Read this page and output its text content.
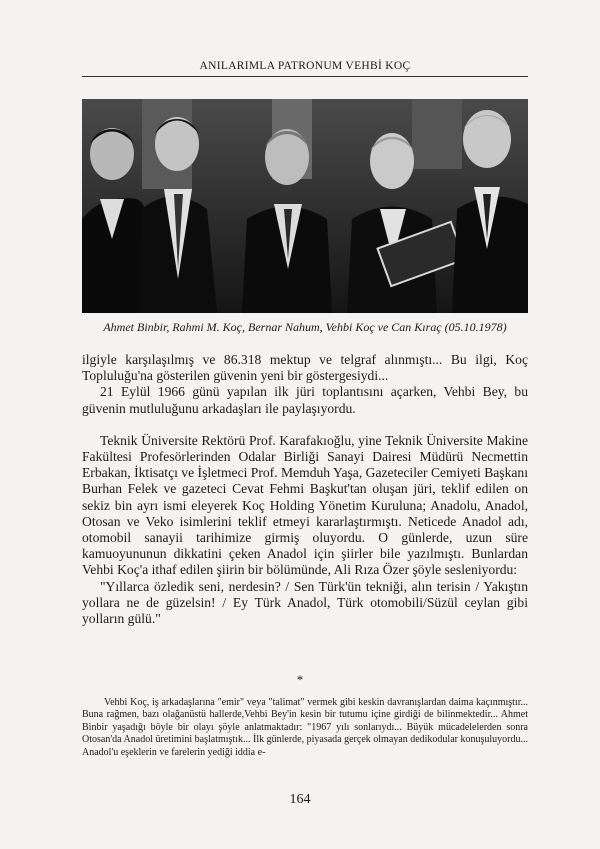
ANILARIMLA PATRONUM VEHBİ KOÇ
Ahmet Binbir, Rahmi M. Koç, Bernar Nahum, Vehbi Koç ve Can Kıraç (05.10.1978)

ilgiyle karşılaşılmış ve 86.318 mektup ve telgraf alınmıştı... Bu ilgi, Koç Topluluğu'na gösterilen güvenin yeni bir göstergesiydi...

21 Eylül 1966 günü yapılan ilk jüri toplantısını açarken, Vehbi Bey, bu güvenin mutluluğunu arkadaşları ile paylaşıyordu.

Teknik Üniversite Rektörü Prof. Karafakıoğlu, yine Teknik Üniversite Makine Fakültesi Profesörlerinden Odalar Birliği Sanayi Dairesi Müdürü Necmettin Erbakan, İktisatçı ve İşletmeci Prof. Memduh Yaşa, Gazeteciler Cemiyeti Başkanı Burhan Felek ve gazeteci Cevat Fehmi Başkut'tan oluşan jüri, teklif edilen on sekiz bin ayrı ismi eleyerek Koç Holding Yönetim Kuruluna; Anadolu, Anadol, Otosan ve Veko isimlerini teklif etmeyi kararlaştırmıştı. Neticede Anadol adı, otomobil sanayii tarihimize girmiş oluyordu. O günlerde, uzun süre kamuoyununun dikkatini çeken Anadol için şiirler bile yazılmıştı. Bunlardan Vehbi Koç'a ithaf edilen şiirin bir bölümünde, Ali Rıza Özer şöyle sesleniyordu:

"Yıllarca özledik seni, nerdesin? / Sen Türk'ün tekniği, alın terisin / Yakıştın yollara ne de güzelsin! / Ey Türk Anadol, Türk otomobili/Süzül ceylan gibi yolların gülü."

*
Vehbi Koç, iş arkadaşlarına "emir" veya "talimat" vermek gibi keskin davranışlardan daima kaçınmıştır... Buna rağmen, bazı olağanüstü hallerde,Vehbi Bey'in kesin bir tutumu içine girdiği de bilinmektedir... Ahmet Binbir yaşadığı böyle bir olayı şöyle anlatmaktadır: "1967 yılı sonlarıydı... Büyük mücadelelerden sonra Otosan'da Anadol üretimini başlatmıştık... İlk günlerde, piyasada gerçek olmayan dedikodular konuşuluyordu... Anadol'u eşeklerin ve farelerin yediği iddia e-
164
